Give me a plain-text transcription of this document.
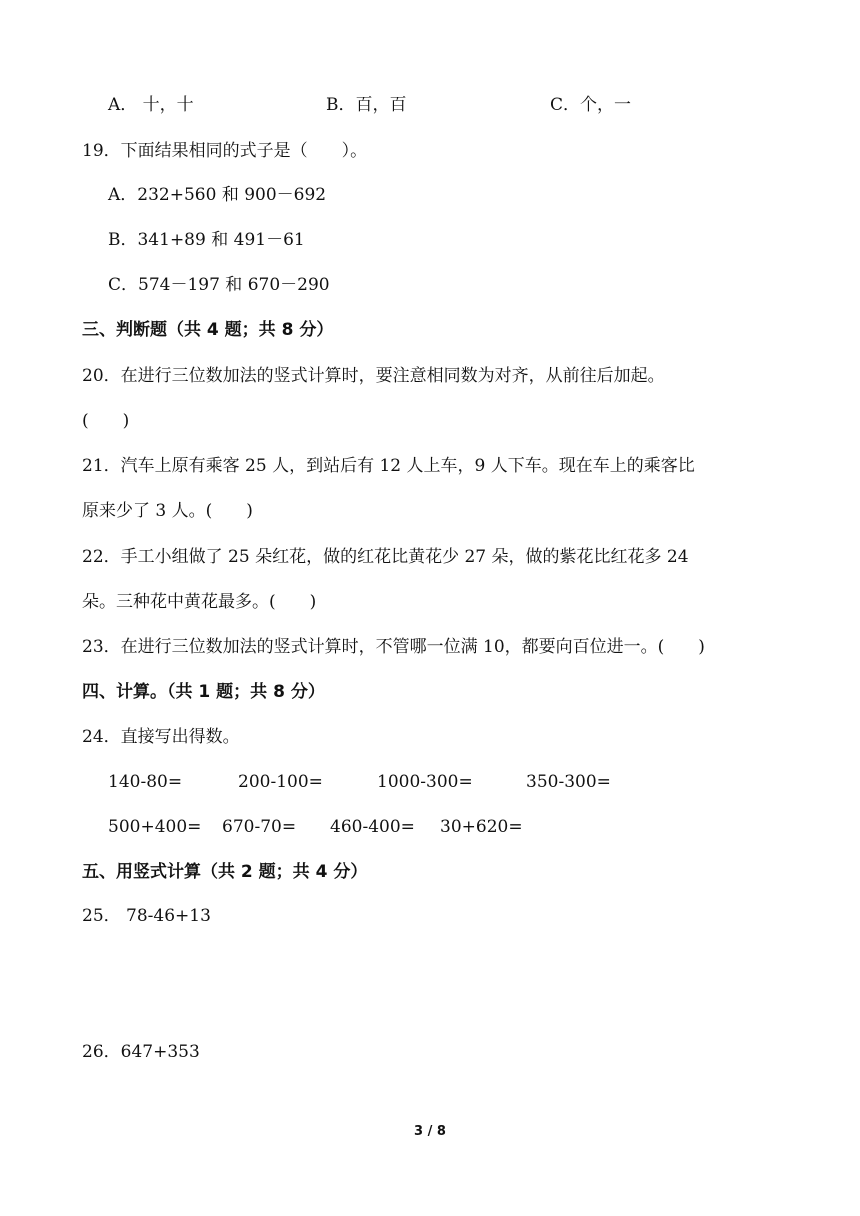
A． 十，十	B．百，百	C．个，一
19．下面结果相同的式子是（　　）。
A．232+560 和 900－692
B．341+89 和 491－61
C．574－197 和 670－290
三、判断题（共 4 题；共 8 分）
20．在进行三位数加法的竖式计算时，要注意相同数为对齐，从前往后加起。
(　　)
21．汽车上原有乘客 25 人，到站后有 12 人上车，9 人下车。现在车上的乘客比
原来少了 3 人。(　　)
22．手工小组做了 25 朵红花，做的红花比黄花少 27 朵，做的紫花比红花多 24
朵。三种花中黄花最多。(　　)
23．在进行三位数加法的竖式计算时，不管哪一位满 10，都要向百位进一。(　　)
四、计算。（共 1 题；共 8 分）
24．直接写出得数。
140-80=	200-100=	1000-300=	350-300=
500+400= 670-70= 460-400= 30+620=
五、用竖式计算（共 2 题；共 4 分）
25． 78-46+13
26．647+353
3 / 8
